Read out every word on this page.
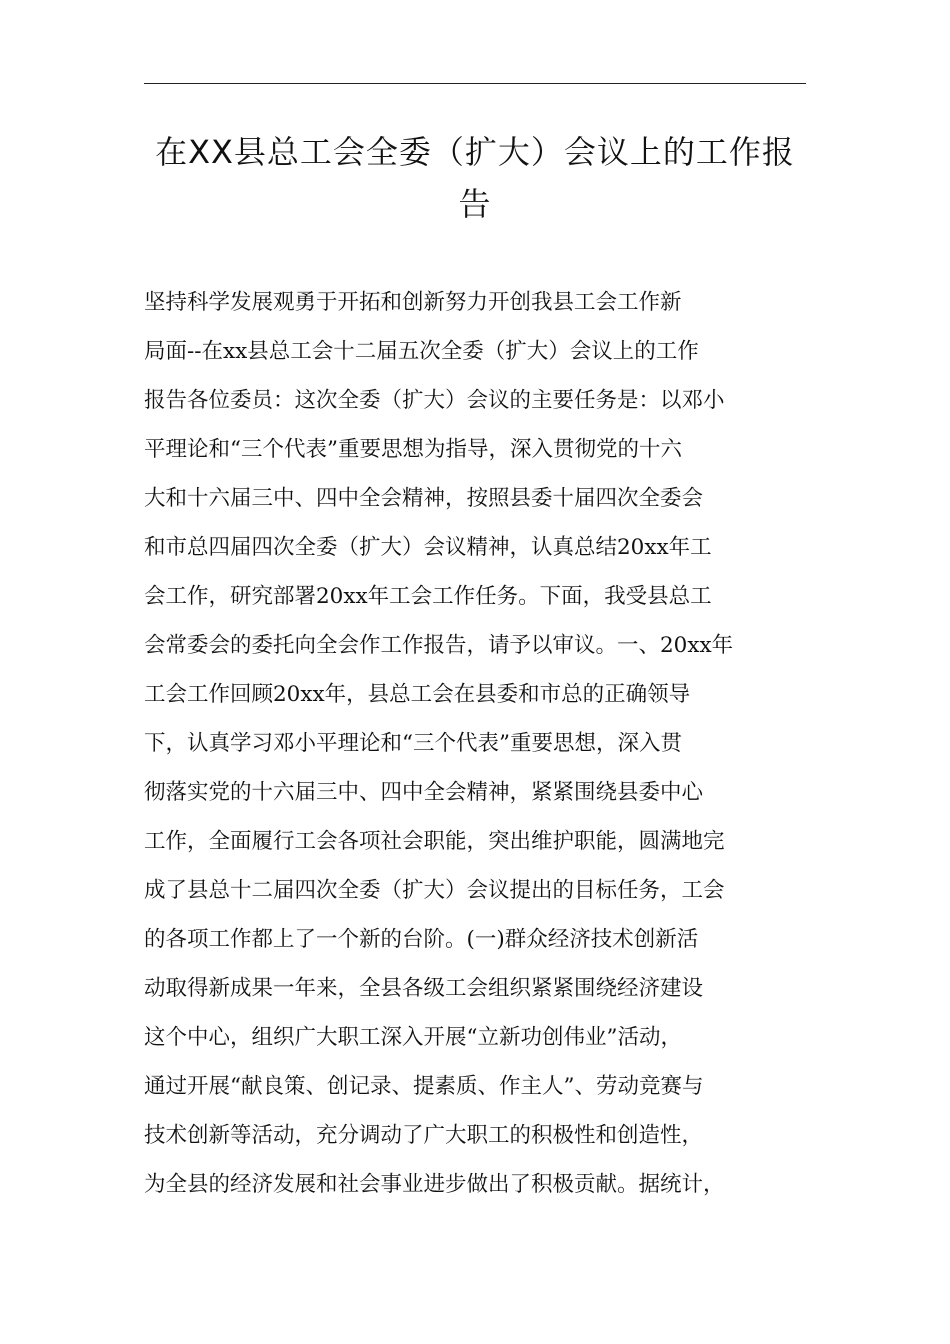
在XX县总工会全委（扩大）会议上的工作报
告
坚持科学发展观勇于开拓和创新努力开创我县工会工作新
局面--在xx县总工会十二届五次全委（扩大）会议上的工作
报告各位委员：这次全委（扩大）会议的主要任务是：以邓小
平理论和“三个代表”重要思想为指导，深入贯彻党的十六
大和十六届三中、四中全会精神，按照县委十届四次全委会
和市总四届四次全委（扩大）会议精神，认真总结20xx年工
会工作，研究部署20xx年工会工作任务。下面，我受县总工
会常委会的委托向全会作工作报告，请予以审议。一、20xx年
工会工作回顾20xx年，县总工会在县委和市总的正确领导
下，认真学习邓小平理论和“三个代表”重要思想，深入贯
彻落实党的十六届三中、四中全会精神，紧紧围绕县委中心
工作，全面履行工会各项社会职能，突出维护职能，圆满地完
成了县总十二届四次全委（扩大）会议提出的目标任务，工会
的各项工作都上了一个新的台阶。(一)群众经济技术创新活
动取得新成果一年来，全县各级工会组织紧紧围绕经济建设
这个中心，组织广大职工深入开展“立新功创伟业”活动，
通过开展“献良策、创记录、提素质、作主人”、劳动竞赛与
技术创新等活动，充分调动了广大职工的积极性和创造性，
为全县的经济发展和社会事业进步做出了积极贡献。据统计，
